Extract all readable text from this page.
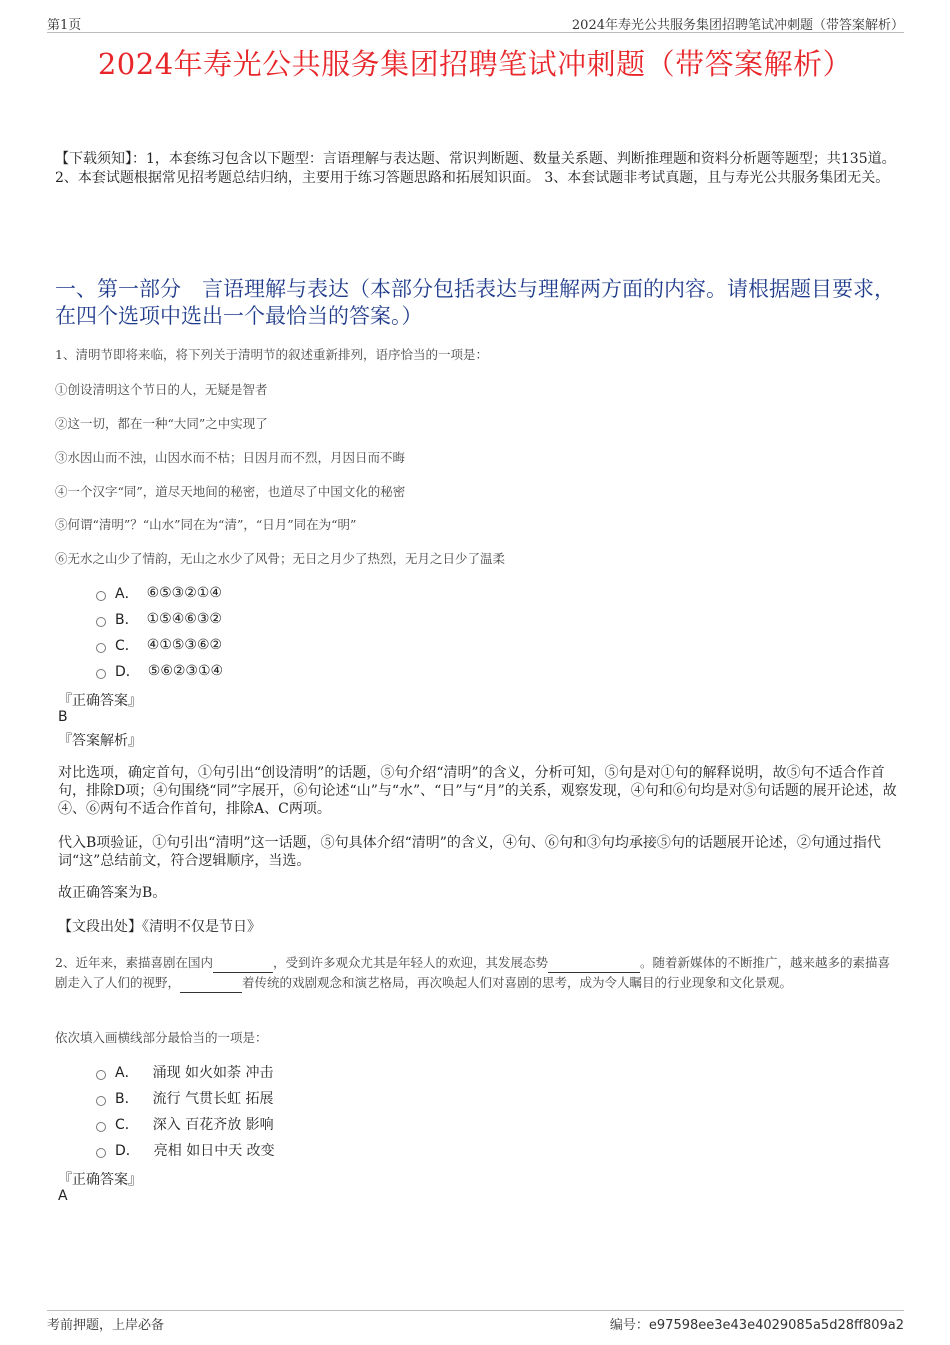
第1页	2024年寿光公共服务集团招聘笔试冲刺题（带答案解析）
2024年寿光公共服务集团招聘笔试冲刺题（带答案解析）
【下载须知】：1，本套练习包含以下题型：言语理解与表达题、常识判断题、数量关系题、判断推理题和资料分析题等题型；共135道。 2、本套试题根据常见招考题总结归纳，主要用于练习答题思路和拓展知识面。 3、本套试题非考试真题，且与寿光公共服务集团无关。
一、第一部分　言语理解与表达（本部分包括表达与理解两方面的内容。请根据题目要求，在四个选项中选出一个最恰当的答案。）
1、清明节即将来临，将下列关于清明节的叙述重新排列，语序恰当的一项是：
①创设清明这个节日的人，无疑是智者
②这一切，都在一种“大同”之中实现了
③水因山而不浊，山因水而不枯；日因月而不烈，月因日而不晦
④一个汉字“同”，道尽天地间的秘密，也道尽了中国文化的秘密
⑤何谓“清明”？“山水”同在为“清”，“日月”同在为“明”
⑥无水之山少了情韵，无山之水少了风骨；无日之月少了热烈，无月之日少了温柔
A． ⑥⑤③②①④
B． ①⑤④⑥③②
C． ④①⑤③⑥②
D． ⑤⑥②③①④
『正确答案』
B
『答案解析』
对比选项，确定首句，①句引出“创设清明”的话题，⑤句介绍“清明”的含义，分析可知，⑤句是对①句的解释说明，故⑤句不适合作首句，排除D项；④句围绕“同”字展开，⑥句论述“山”与“水”、“日”与“月”的关系，观察发现，④句和⑥句均是对⑤句话题的展开论述，故④、⑥两句不适合作首句，排除A、C两项。
代入B项验证，①句引出“清明”这一话题，⑤句具体介绍“清明”的含义，④句、⑥句和③句均承接⑤句的话题展开论述，②句通过指代词“这”总结前文，符合逻辑顺序，当选。
故正确答案为B。
【文段出处】《清明不仅是节日》
2、近年来，素描喜剧在国内	，受到许多观众尤其是年轻人的欢迎，其发展态势	。随着新媒体的不断推广，越来越多的素描喜剧走入了人们的视野，	着传统的戏剧观念和演艺格局，再次唤起人们对喜剧的思考，成为令人瞩目的行业现象和文化景观。
依次填入画横线部分最恰当的一项是：
A． 涌现 如火如荼 冲击
B． 流行 气贯长虹 拓展
C． 深入 百花齐放 影响
D． 亮相 如日中天 改变
『正确答案』
A
考前押题，上岸必备	编号：e97598ee3e43e4029085a5d28ff809a2
